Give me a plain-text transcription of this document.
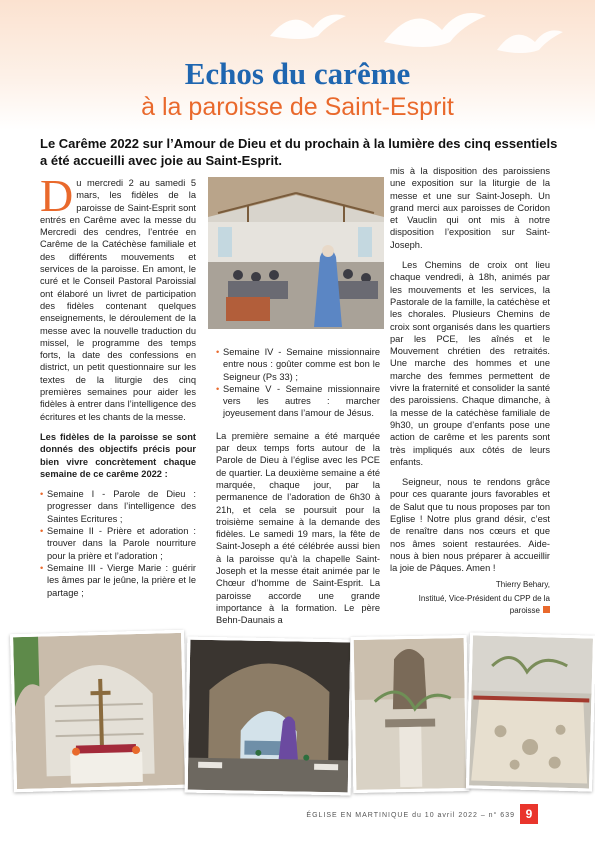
Echos du carême
à la paroisse de Saint-Esprit
Le Carême 2022 sur l’Amour de Dieu et du prochain à la lumière des cinq essentiels a été accueilli avec joie au Saint-Esprit.

Du mercredi 2 au samedi 5 mars, les fidèles de la paroisse de Saint-Esprit sont entrés en Carême avec la messe du Mercredi des cendres, l’entrée en Carême de la Catéchèse familiale et des différents mouvements et services de la paroisse. En amont, le curé et le Conseil Pastoral Paroissial ont élaboré un livret de participation des fidèles contenant quelques enseignements, le déroulement de la messe avec la nouvelle traduction du missel, le programme des temps forts, la date des confessions en district, un petit questionnaire sur les textes de la liturgie des cinq premières semaines pour aider les fidèles à entrer dans l’intelligence des écritures et les chants de la messe.

Les fidèles de la paroisse se sont donnés des objectifs précis pour bien vivre concrètement chaque semaine de ce carême 2022 :

• Semaine I - Parole de Dieu : progresser dans l’intelligence des Saintes Ecritures ;
• Semaine II - Prière et adoration : trouver dans la Parole nourriture pour la prière et l’adoration ;
• Semaine III - Vierge Marie : guérir les âmes par le jeûne, la prière et le partage ;
• Semaine IV - Semaine missionnaire entre nous : goûter comme est bon le Seigneur (Ps 33) ;
• Semaine V - Semaine missionnaire vers les autres : marcher joyeusement dans l’amour de Jésus.

La première semaine a été marquée par deux temps forts autour de la Parole de Dieu à l’église avec les PCE de quartier. La deuxième semaine a été marquée, chaque jour, par la permanence de l’adoration de 6h30 à 21h, et cela se poursuit pour la troisième semaine à la demande des fidèles. Le samedi 19 mars, la fête de Saint-Joseph a été célébrée aussi bien à la paroisse qu’à la chapelle Saint-Joseph et la messe était animée par le Chœur d’homme de Saint-Esprit. La paroisse accorde une grande importance à la formation. Le père Behn-Daunais a

mis à la disposition des paroissiens une exposition sur la liturgie de la messe et une sur Saint-Joseph. Un grand merci aux paroisses de Coridon et Vauclin qui ont mis à notre disposition l’exposition sur Saint-Joseph.

Les Chemins de croix ont lieu chaque vendredi, à 18h, animés par les mouvements et les services, la Pastorale de la famille, la catéchèse et les chorales. Plusieurs Chemins de croix sont organisés dans les quartiers par les PCE, les aînés et le Mouvement chrétien des retraités. Une marche des hommes et une marche des femmes permettent de vivre la fraternité et consolider la santé des paroissiens. Chaque dimanche, à la messe de la catéchèse familiale de 9h30, un groupe d’enfants pose une action de carême et les parents sont très impliqués aux côtés de leurs enfants.

Seigneur, nous te rendons grâce pour ces quarante jours favorables et de Salut que tu nous proposes par ton Eglise ! Notre plus grand désir, c’est de renaître dans nos cœurs et que nos âmes soient restaurées. Aide-nous à bien nous préparer à accueillir la joie de Pâques. Amen !

Thierry Behary,
Institué, Vice-Président du CPP de la paroisse
ÉGLISE EN MARTINIQUE du 10 avril 2022 – n° 639 9
